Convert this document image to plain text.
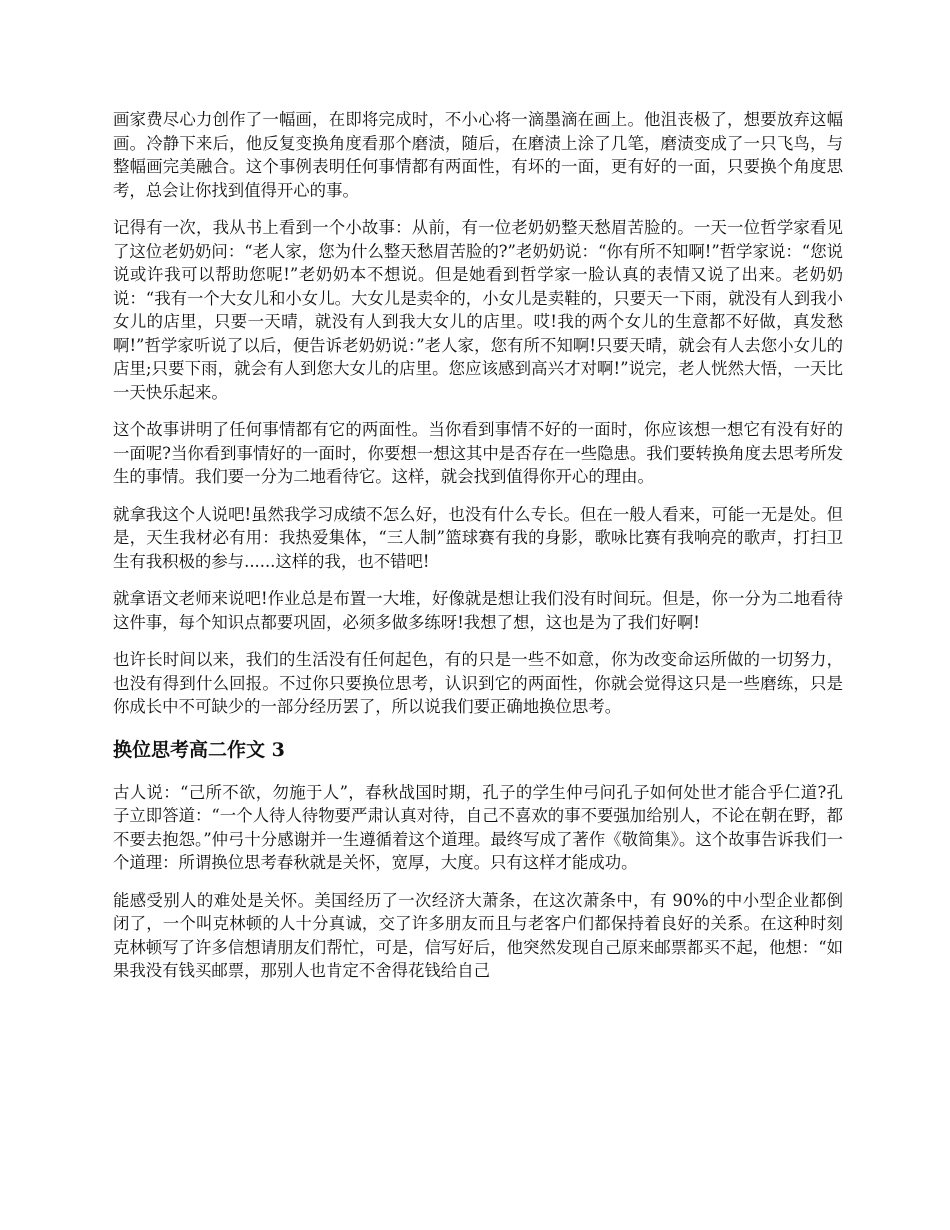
画家费尽心力创作了一幅画，在即将完成时，不小心将一滴墨滴在画上。他沮丧极了，想要放弃这幅画。冷静下来后，他反复变换角度看那个磨渍，随后，在磨渍上涂了几笔，磨渍变成了一只飞鸟，与整幅画完美融合。这个事例表明任何事情都有两面性，有坏的一面，更有好的一面，只要换个角度思考，总会让你找到值得开心的事。

记得有一次，我从书上看到一个小故事：从前，有一位老奶奶整天愁眉苦脸的。一天一位哲学家看见了这位老奶奶问：“老人家，您为什么整天愁眉苦脸的?”老奶奶说：“你有所不知啊!”哲学家说：“您说说或许我可以帮助您呢!”老奶奶本不想说。但是她看到哲学家一脸认真的表情又说了出来。老奶奶说：“我有一个大女儿和小女儿。大女儿是卖伞的，小女儿是卖鞋的，只要天一下雨，就没有人到我小女儿的店里，只要一天晴，就没有人到我大女儿的店里。哎!我的两个女儿的生意都不好做，真发愁啊!”哲学家听说了以后，便告诉老奶奶说：”老人家，您有所不知啊!只要天晴，就会有人去您小女儿的店里;只要下雨，就会有人到您大女儿的店里。您应该感到高兴才对啊!”说完，老人恍然大悟，一天比一天快乐起来。

这个故事讲明了任何事情都有它的两面性。当你看到事情不好的一面时，你应该想一想它有没有好的一面呢?当你看到事情好的一面时，你要想一想这其中是否存在一些隐患。我们要转换角度去思考所发生的事情。我们要一分为二地看待它。这样，就会找到值得你开心的理由。

就拿我这个人说吧!虽然我学习成绩不怎么好，也没有什么专长。但在一般人看来，可能一无是处。但是，天生我材必有用：我热爱集体，“三人制”篮球赛有我的身影，歌咏比赛有我响亮的歌声，打扫卫生有我积极的参与......这样的我，也不错吧!

就拿语文老师来说吧!作业总是布置一大堆，好像就是想让我们没有时间玩。但是，你一分为二地看待这件事，每个知识点都要巩固，必须多做多练呀!我想了想，这也是为了我们好啊!

也许长时间以来，我们的生活没有任何起色，有的只是一些不如意，你为改变命运所做的一切努力，也没有得到什么回报。不过你只要换位思考，认识到它的两面性，你就会觉得这只是一些磨练，只是你成长中不可缺少的一部分经历罢了，所以说我们要正确地换位思考。

换位思考高二作文 3

古人说：“己所不欲，勿施于人”，春秋战国时期，孔子的学生仲弓问孔子如何处世才能合乎仁道?孔子立即答道：“一个人待人待物要严肃认真对待，自己不喜欢的事不要强加给别人，不论在朝在野，都不要去抱怨。”仲弓十分感谢并一生遵循着这个道理。最终写成了著作《敬简集》。这个故事告诉我们一个道理：所谓换位思考春秋就是关怀，宽厚，大度。只有这样才能成功。

能感受别人的难处是关怀。美国经历了一次经济大萧条，在这次萧条中，有 90%的中小型企业都倒闭了，一个叫克林顿的人十分真诚，交了许多朋友而且与老客户们都保持着良好的关系。在这种时刻克林顿写了许多信想请朋友们帮忙，可是，信写好后，他突然发现自己原来邮票都买不起，他想：“如果我没有钱买邮票，那别人也肯定不舍得花钱给自己
